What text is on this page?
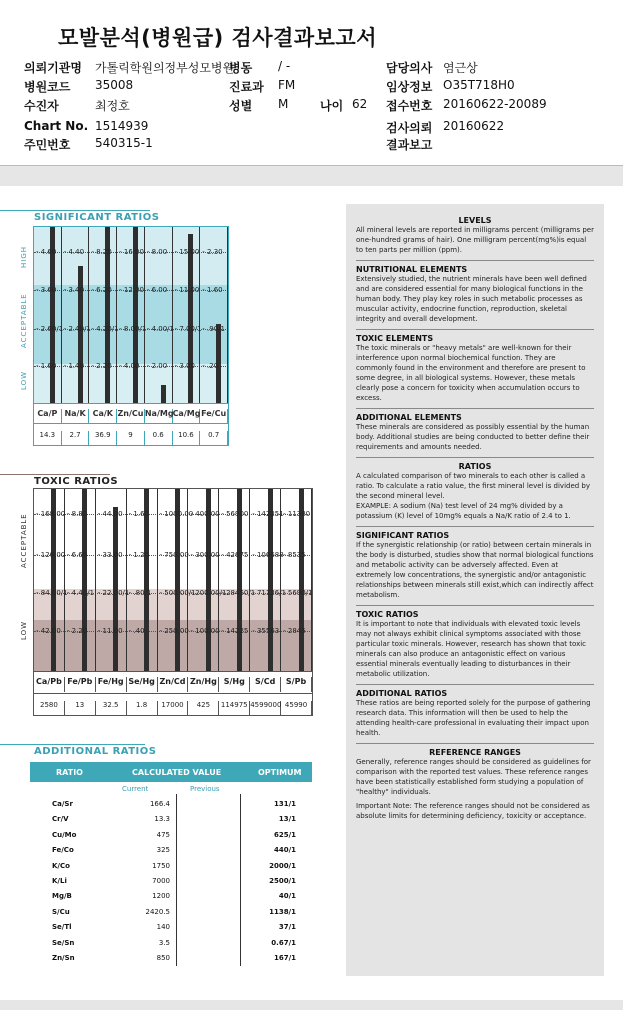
모발분석(병원급) 검사결과보고서
의뢰기관명 가톨릭학원의정부성모병원
병동 / -	담당의사 염근상
병원코드 35008	진료과 FM	임상정보 O35T718H0
수진자	최정호	성별 M	나이 62 접수번호 20160622-20089
Chart No. 1514939	검사의뢰 20160622
주민번호 540315-1	결과보고
SIGNIFICANT RATIOS
HIGH
ACCEPTABLE
LOW
- 4.60
- 3.60
- 2.60/1
- 1.60
- 4.40
- 3.40
- 2.40/1
- 1.40
- 8.20
- 6.20
- 4.20/1
- 2.20
- 16.00
- 12.00
- 8.00/1
- 4.00
- 8.00
- 6.00
- 4.00/1
- 2.00
- 15.00
- 11.00
- 7.00/1
- 3.00
- 2.30
- 1.60
- .90/1
- .20
Ca/P Na/K Ca/K Zn/Cu Na/Mg Ca/Mg Fe/Cu
14.3	2.7	36.9	9	0.6	10.6	0.7
TOXIC RATIOS
ACCEPTABLE
LOW
- 168.00
- 126.00
- 84.00/1
- 42.00
- 8.80
- 6.60
- 4.40/1
- 2.20
- 44.00
- 33.00
- 22.00/1
- 11.00
- 1.60
- 1.20
- .80/1
- .40
- 1000.00
- 750.00
- 500.00/1
- 250.00
- 400.00
- 300.00
- 200.00/1
- 100.00
- 56900
- 42675
- 28450/1
- 14225
- 142251
- 106688
- 71126/1
- 35563
- 11380
- 8535
- 5690/1
- 2845
Ca/Pb Fe/Pb Fe/Hg Se/Hg Zn/Cd Zn/Hg S/Hg	S/Cd	S/Pb
2580	13	32.5	1.8	17000	425	114975 4599000 45990
ADDITIONAL RATIOS
RATIO	CALCULATED VALUE	OPTIMUM
Current	Previous
Ca/Sr	166.4	131/1
Cr/V	13.3	13/1
Cu/Mo	475	625/1
Fe/Co	325	440/1
K/Co	1750	2000/1
K/Li	7000	2500/1
Mg/B	1200	40/1
S/Cu	2420.5	1138/1
Se/Tl	140	37/1
Se/Sn	3.5	0.67/1
Zn/Sn	850	167/1
LEVELS
All mineral levels are reported in milligrams percent (milligrams per one-hundred grams of hair). One milligram percent(mg%)is equal to ten parts per million (ppm).
NUTRITIONAL ELEMENTS
Extensively studied, the nutrient minerals have been well defined and are considered essential for many biological functions in the human body. They play key roles in such metabolic processes as muscular activity, endocrine function, reproduction, skeletal integrity and overall development.
TOXIC ELEMENTS
The toxic minerals or "heavy metals" are well-known for their interference upon normal biochemical function. They are commonly found in the environment and therefore are present to some degree, in all biological systems. However, these metals clearly pose a concern for toxicity when accumulation occurs to excess.
ADDITIONAL ELEMENTS
These minerals are considered as possibly essential by the human body. Additional studies are being conducted to better define their requirements and amounts needed.
RATIOS
A calculated comparison of two minerals to each other is called a ratio. To calculate a ratio value, the first mineral level is divided by the second mineral level.
EXAMPLE: A sodium (Na) test level of 24 mg% divided by a potassium (K) level of 10mg% equals a Na/K ratio of 2.4 to 1.
SIGNIFICANT RATIOS
If the synergistic relationship (or ratio) between certain minerals in the body is disturbed, studies show that normal biological functions and metabolic activity can be adversely affected. Even at extremely low concentrations, the synergistic and/or antagonistic relationships between minerals still exist,which can indirectly affect metabolism.
TOXIC RATIOS
It is important to note that individuals with elevated toxic levels may not always exhibit clinical symptoms associated with those particular toxic minerals. However, research has shown that toxic minerals can also produce an antagonistic effect on various essential minerals eventually leading to disturbances in their metabolic utilization.
ADDITIONAL RATIOS
These ratios are being reported solely for the purpose of gathering research data. This information will then be used to help the attending health-care professional in evaluating their impact upon health.
REFERENCE RANGES
Generally, reference ranges should be considered as guidelines for comparison with the reported test values. These reference ranges have been statistically established form studying a population of "healthy" individuals.
Important Note: The reference ranges should not be considered as absolute limits for determining deficiency, toxicity or acceptance.
